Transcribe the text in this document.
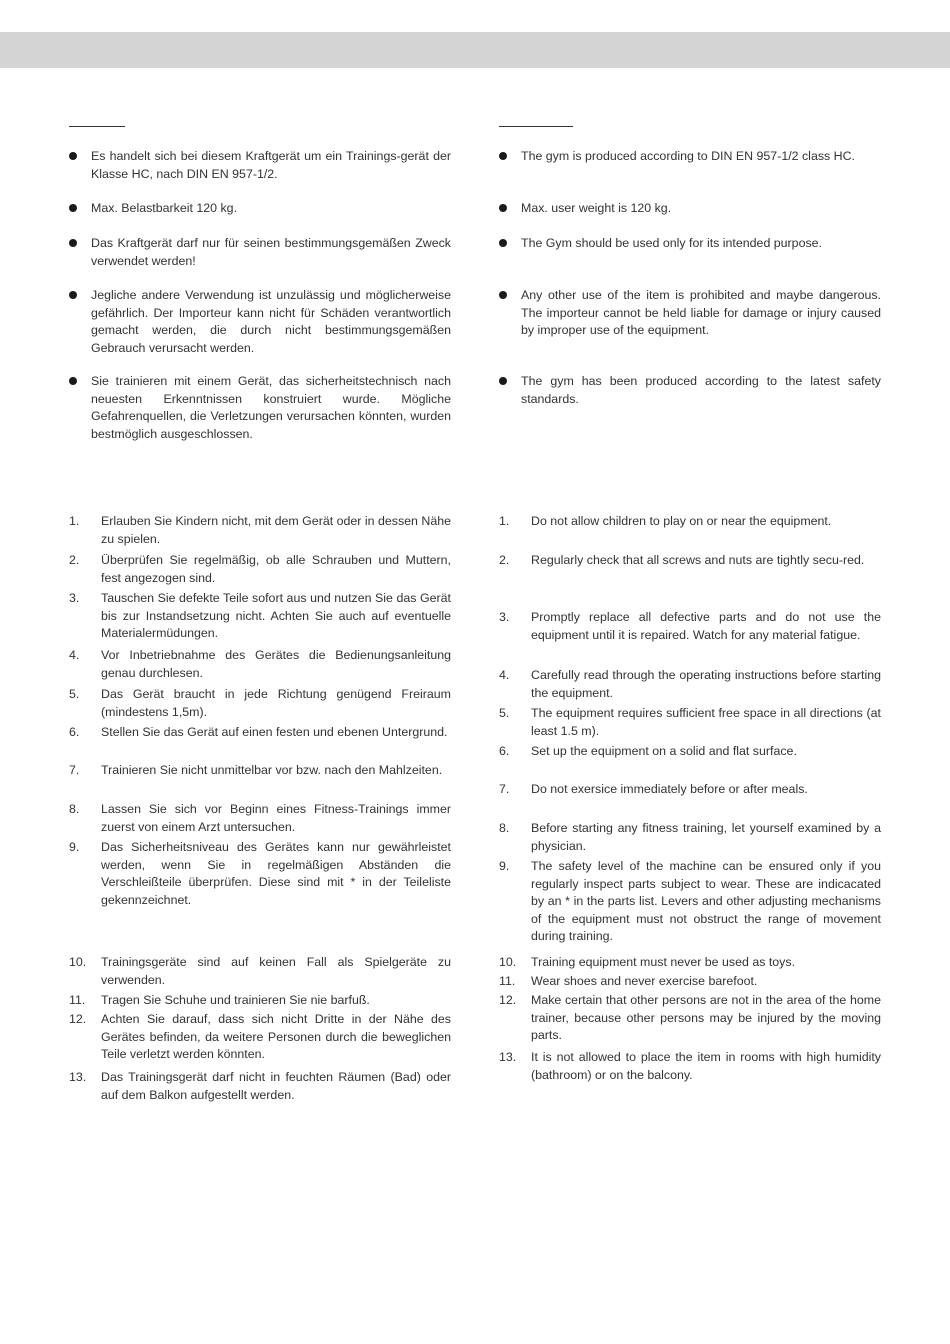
Es handelt sich bei diesem Kraftgerät um ein Trainings-gerät der Klasse HC, nach DIN EN 957-1/2.
Max. Belastbarkeit 120 kg.
Das Kraftgerät darf nur für seinen bestimmungsgemäßen Zweck verwendet werden!
Jegliche andere Verwendung ist unzulässig und möglicherweise gefährlich. Der Importeur kann nicht für Schäden verantwortlich gemacht werden, die durch nicht bestimmungsgemäßen Gebrauch verursacht werden.
Sie trainieren mit einem Gerät, das sicherheitstechnisch nach neuesten Erkenntnissen konstruiert wurde. Mögliche Gefahrenquellen, die Verletzungen verursachen könnten, wurden bestmöglich ausgeschlossen.
1. Erlauben Sie Kindern nicht, mit dem Gerät oder in dessen Nähe zu spielen.
2. Überprüfen Sie regelmäßig, ob alle Schrauben und Muttern, fest angezogen sind.
3. Tauschen Sie defekte Teile sofort aus und nutzen Sie das Gerät bis zur Instandsetzung nicht. Achten Sie auch auf eventuelle Materialermüdungen.
4. Vor Inbetriebnahme des Gerätes die Bedienungsanleitung genau durchlesen.
5. Das Gerät braucht in jede Richtung genügend Freiraum (mindestens 1,5m).
6. Stellen Sie das Gerät auf einen festen und ebenen Untergrund.
7. Trainieren Sie nicht unmittelbar vor bzw. nach den Mahlzeiten.
8. Lassen Sie sich vor Beginn eines Fitness-Trainings immer zuerst von einem Arzt untersuchen.
9. Das Sicherheitsniveau des Gerätes kann nur gewährleistet werden, wenn Sie in regelmäßigen Abständen die Verschleißteile überprüfen. Diese sind mit * in der Teileliste gekennzeichnet.
10. Trainingsgeräte sind auf keinen Fall als Spielgeräte zu verwenden.
11. Tragen Sie Schuhe und trainieren Sie nie barfuß.
12. Achten Sie darauf, dass sich nicht Dritte in der Nähe des Gerätes befinden, da weitere Personen durch die beweglichen Teile verletzt werden könnten.
13. Das Trainingsgerät darf nicht in feuchten Räumen (Bad) oder auf dem Balkon aufgestellt werden.
The gym is produced according to DIN EN 957-1/2 class HC.
Max. user weight is 120 kg.
The Gym should be used only for its intended purpose.
Any other use of the item is prohibited and maybe dangerous. The importeur cannot be held liable for damage or injury caused by improper use of the equipment.
The gym has been produced according to the latest safety standards.
1. Do not allow children to play on or near the equipment.
2. Regularly check that all screws and nuts are tightly secu-red.
3. Promptly replace all defective parts and do not use the equipment until it is repaired. Watch for any material fatigue.
4. Carefully read through the operating instructions before starting the equipment.
5. The equipment requires sufficient free space in all directions (at least 1.5 m).
6. Set up the equipment on a solid and flat surface.
7. Do not exersice immediately before or after meals.
8. Before starting any fitness training, let yourself examined by a physician.
9. The safety level of the machine can be ensured only if you regularly inspect parts subject to wear. These are indicacated by an * in the parts list. Levers and other adjusting mechanisms of the equipment must not obstruct the range of movement during training.
10. Training equipment must never be used as toys.
11. Wear shoes and never exercise barefoot.
12. Make certain that other persons are not in the area of the home trainer, because other persons may be injured by the moving parts.
13. It is not allowed to place the item in rooms with high humidity (bathroom) or on the balcony.
